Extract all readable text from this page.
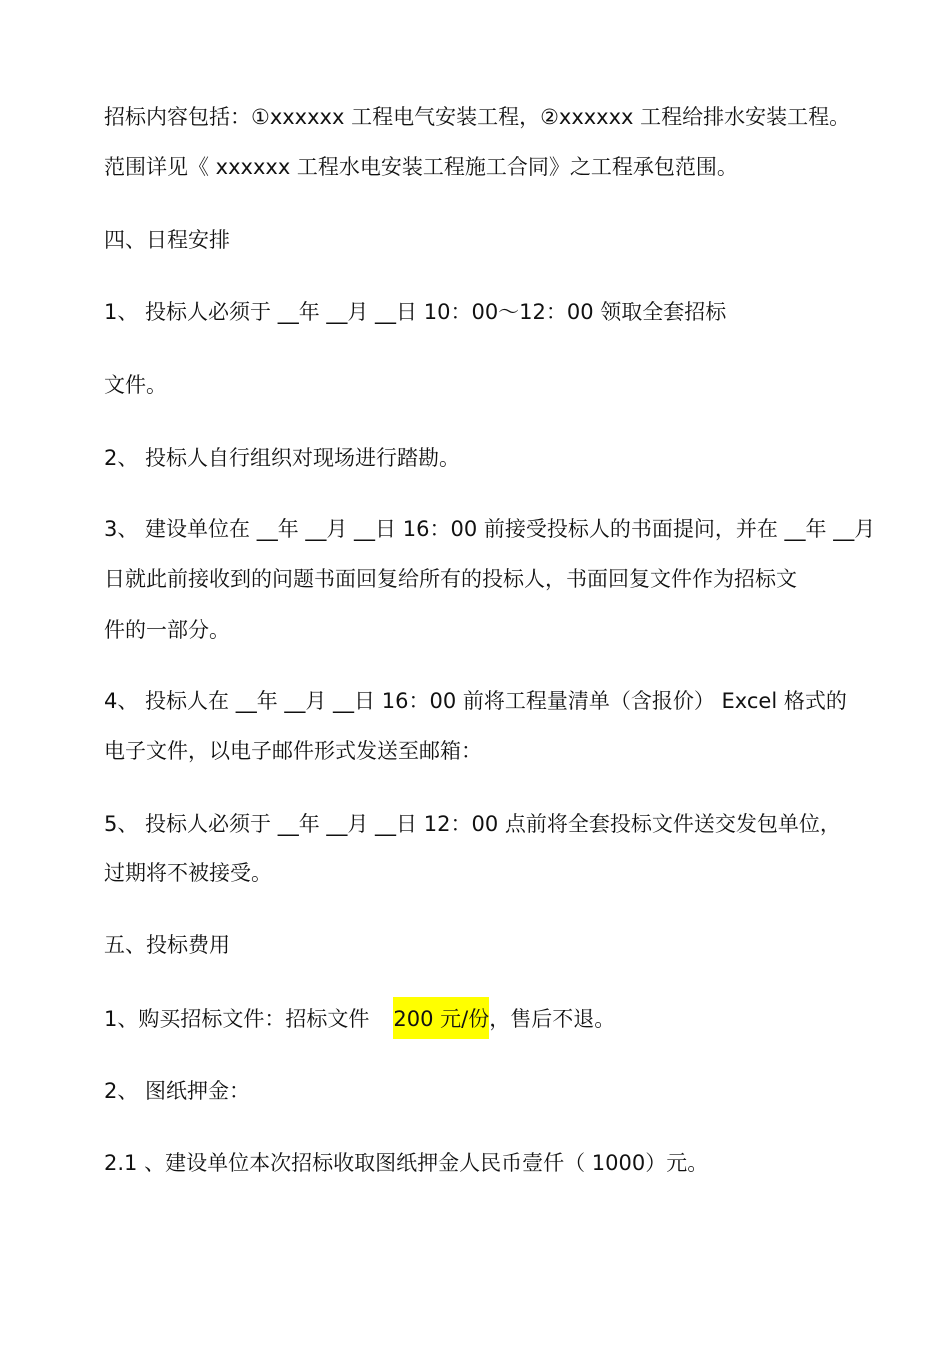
招标内容包括：①xxxxxx 工程电气安装工程，②xxxxxx 工程给排水安装工程。
范围详见《 xxxxxx 工程水电安装工程施工合同》之工程承包范围。
四、日程安排
1、 投标人必须于 __年 __月 __日 10：00～12：00 领取全套招标
文件。
2、 投标人自行组织对现场进行踏勘。
3、 建设单位在 __年 __月 __日 16：00 前接受投标人的书面提问，并在 __年 __月
日就此前接收到的问题书面回复给所有的投标人，书面回复文件作为招标文
件的一部分。
4、 投标人在 __年 __月 __日 16：00 前将工程量清单（含报价） Excel 格式的
电子文件，以电子邮件形式发送至邮箱：
5、 投标人必须于 __年 __月 __日 12：00 点前将全套投标文件送交发包单位，
过期将不被接受。
五、投标费用
1、购买招标文件：招标文件 200 元/份，售后不退。
2、 图纸押金：
2.1 、建设单位本次招标收取图纸押金人民币壹仟（ 1000）元。
